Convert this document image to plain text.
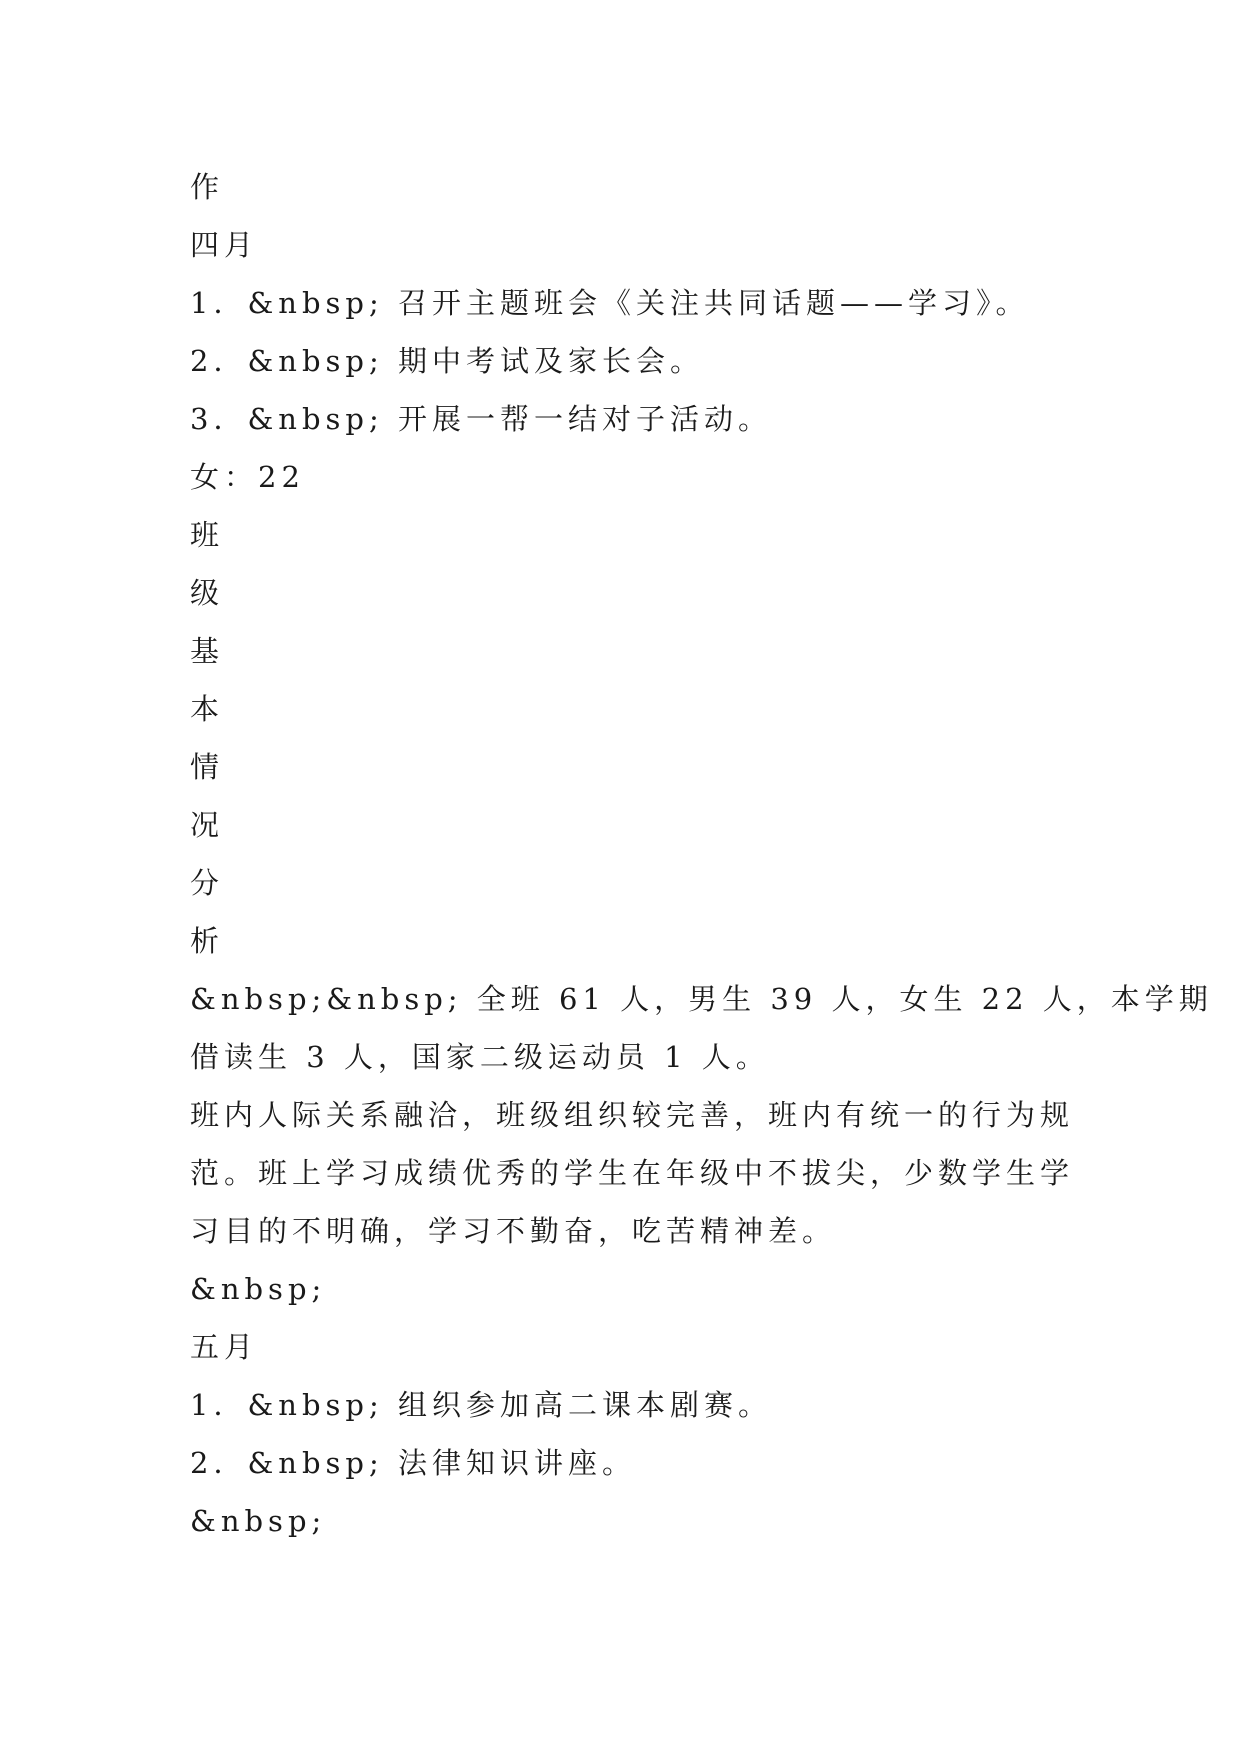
作
四月
1．&nbsp; 召开主题班会《关注共同话题——学习》。
2．&nbsp; 期中考试及家长会。
3．&nbsp; 开展一帮一结对子活动。
女：22
班
级
基
本
情
况
分
析
&nbsp;&nbsp; 全班 61 人，男生 39 人，女生 22 人，本学期
借读生 3 人，国家二级运动员 1 人。
班内人际关系融洽，班级组织较完善，班内有统一的行为规
范。班上学习成绩优秀的学生在年级中不拔尖，少数学生学
习目的不明确，学习不勤奋，吃苦精神差。
&nbsp;
五月
1．&nbsp; 组织参加高二课本剧赛。
2．&nbsp; 法律知识讲座。
&nbsp;
